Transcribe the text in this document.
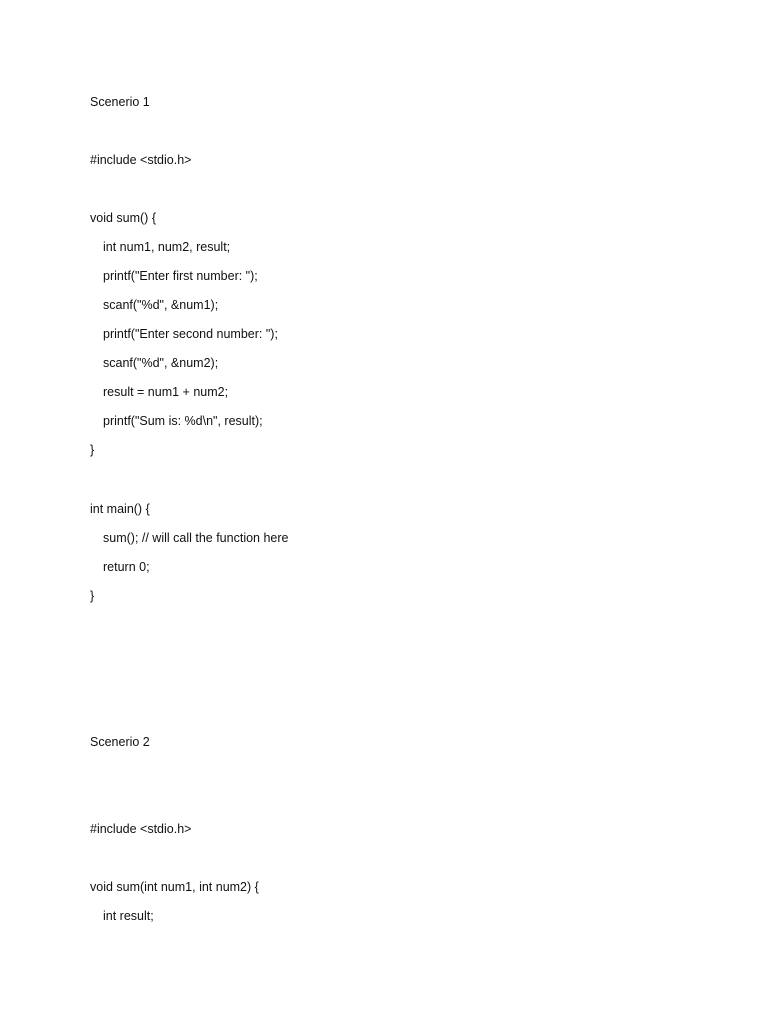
Scenerio 1
#include <stdio.h>
void sum() {
int num1, num2, result;
printf("Enter first number: ");
scanf("%d", &num1);
printf("Enter second number: ");
scanf("%d", &num2);
result = num1 + num2;
printf("Sum is: %d\n", result);
}
int main() {
sum(); // will call the function here
return 0;
}
Scenerio 2
#include <stdio.h>
void sum(int num1, int num2) {
int result;
